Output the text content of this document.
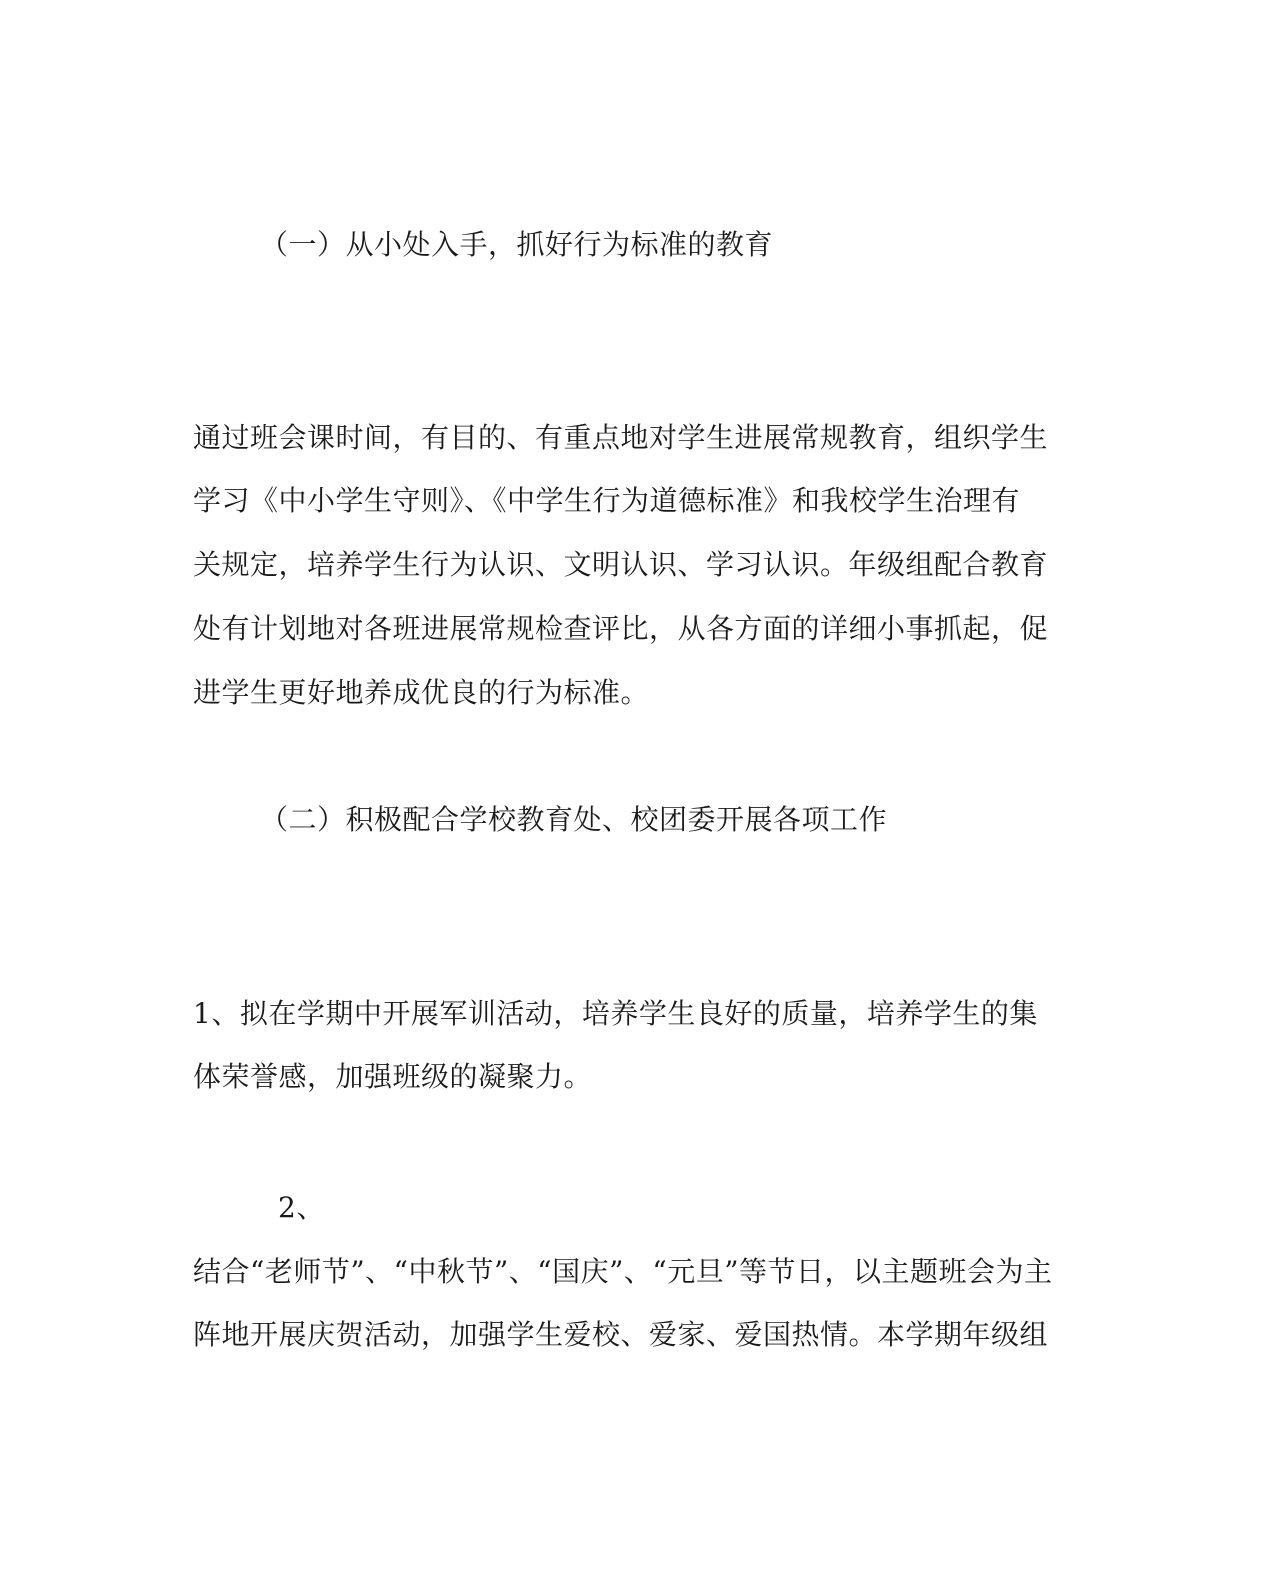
（一）从小处入手，抓好行为标准的教育
通过班会课时间，有目的、有重点地对学生进展常规教育，组织学生
学习《中小学生守则》、《中学生行为道德标准》和我校学生治理有
关规定，培养学生行为认识、文明认识、学习认识。年级组配合教育
处有计划地对各班进展常规检查评比，从各方面的详细小事抓起，促
进学生更好地养成优良的行为标准。
（二）积极配合学校教育处、校团委开展各项工作
1、拟在学期中开展军训活动，培养学生良好的质量，培养学生的集
体荣誉感，加强班级的凝聚力。
2、
结合“老师节”、“中秋节”、“国庆”、“元旦”等节日，以主题班会为主
阵地开展庆贺活动，加强学生爱校、爱家、爱国热情。本学期年级组
